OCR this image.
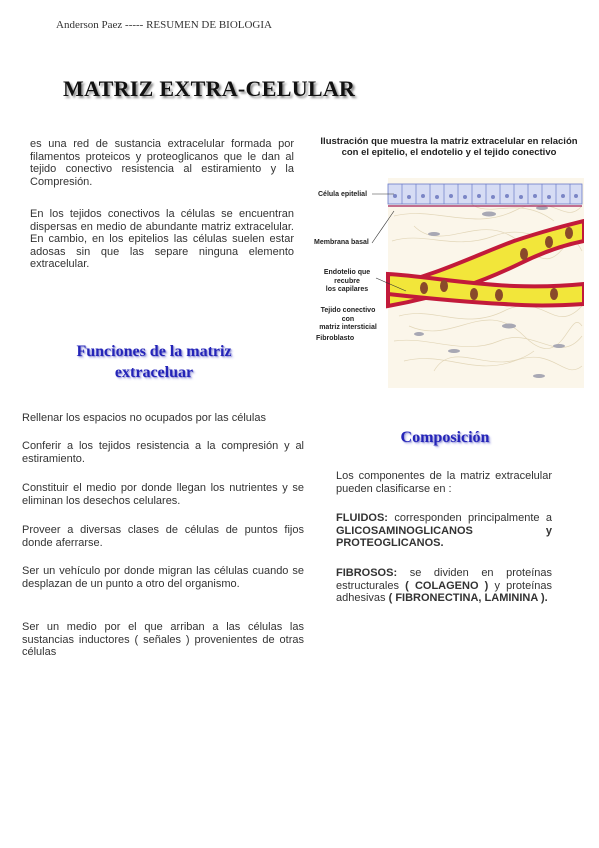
Anderson Paez ----- RESUMEN DE BIOLOGIA
MATRIZ EXTRA-CELULAR
es una red de sustancia extracelular formada por filamentos proteicos y proteoglicanos que le dan al tejido conectivo resistencia al estiramiento y la Compresión.
En los tejidos conectivos la células se encuentran dispersas en medio de abundante matriz extracelular. En cambio, en los epitelios las células suelen estar adosas sin que las separe ninguna elemento extracelular.
Ilustración que muestra la matriz extracelular en relación
con el epitelio, el endotelio y el tejido conectivo
Célula epitelial
Membrana basal
Endotelio que
recubre
los capilares
Tejido conectivo
con
matriz intersticial
Fibroblasto
Funciones de la matriz
extraceluar
Rellenar los espacios no ocupados por las células
Conferir a los tejidos resistencia a la compresión y al estiramiento.
Constituir el medio por donde llegan los nutrientes y se eliminan los desechos celulares.
Proveer a diversas clases de células de puntos fijos donde aferrarse.
Ser un vehículo por donde migran las células cuando se desplazan de un punto a otro del organismo.
Ser un medio por el que arriban a las células las sustancias inductores ( señales ) provenientes de otras células
Composición
Los componentes de la matriz extracelular pueden clasificarse en :
FLUIDOS: corresponden principalmente a GLICOSAMINOGLICANOS y PROTEOGLICANOS.
FIBROSOS: se dividen en proteínas estructurales ( COLAGENO ) y proteínas adhesivas ( FIBRONECTINA, LAMININA ).
